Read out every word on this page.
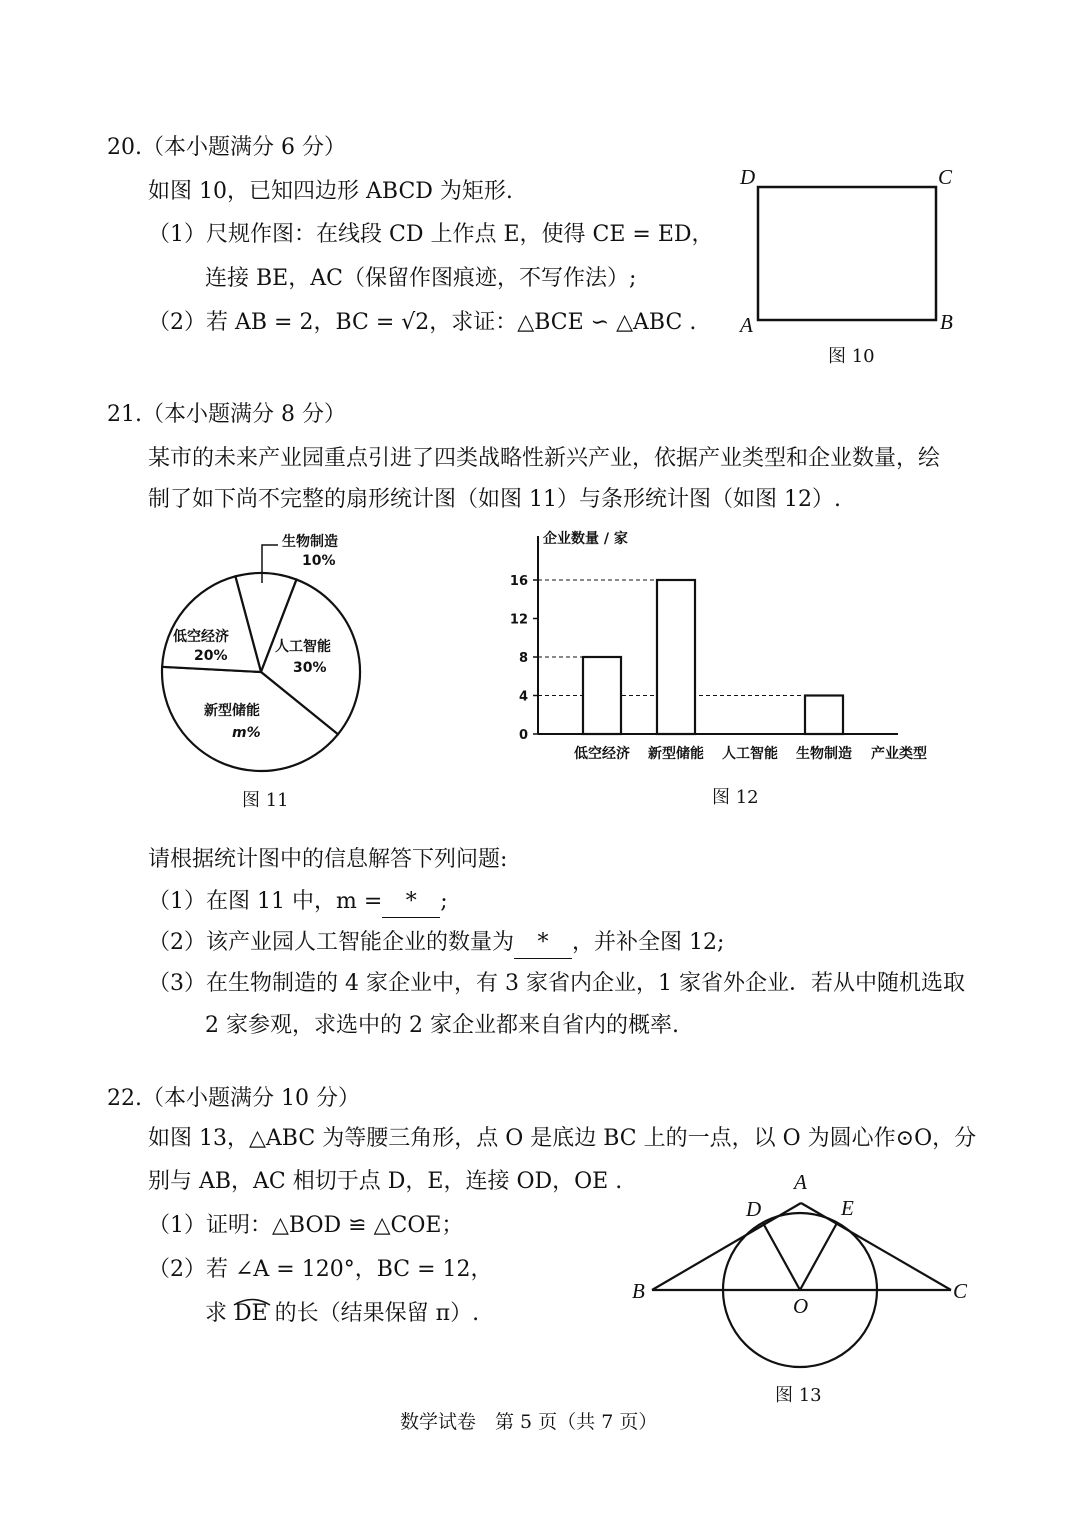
20.（本小题满分 6 分）
如图 10，已知四边形 ABCD 为矩形.
（1）尺规作图：在线段 CD 上作点 E，使得 CE = ED，
连接 BE，AC（保留作图痕迹，不写作法）;
（2）若 AB = 2，BC = √2，求证：△BCE ∽ △ABC .
D	C
A	B
图 10
21.（本小题满分 8 分）
某市的未来产业园重点引进了四类战略性新兴产业，依据产业类型和企业数量，绘
制了如下尚不完整的扇形统计图（如图 11）与条形统计图（如图 12）.
生物制造
10%
人工智能
30%
新型储能
m%
低空经济
20%
图 11
0
4
8
12
16
低空经济 新型储能 人工智能 生物制造
企业数量 / 家
产业类型
图 12
请根据统计图中的信息解答下列问题:
（1）在图 11 中，m = * ;
（2）该产业园人工智能企业的数量为 * ，并补全图 12;
（3）在生物制造的 4 家企业中，有 3 家省内企业，1 家省外企业．若从中随机选取
2 家参观，求选中的 2 家企业都来自省内的概率.
22.（本小题满分 10 分）
如图 13，△ABC 为等腰三角形，点 O 是底边 BC 上的一点，以 O 为圆心作⊙O，分
别与 AB，AC 相切于点 D，E，连接 OD，OE .
（1）证明：△BOD ≌ △COE；
（2）若 ∠A = 120°，BC = 12，
求 DE 的长（结果保留 π）.
A
D	E
B	C
O
图 13
数学试卷　第 5 页（共 7 页）
